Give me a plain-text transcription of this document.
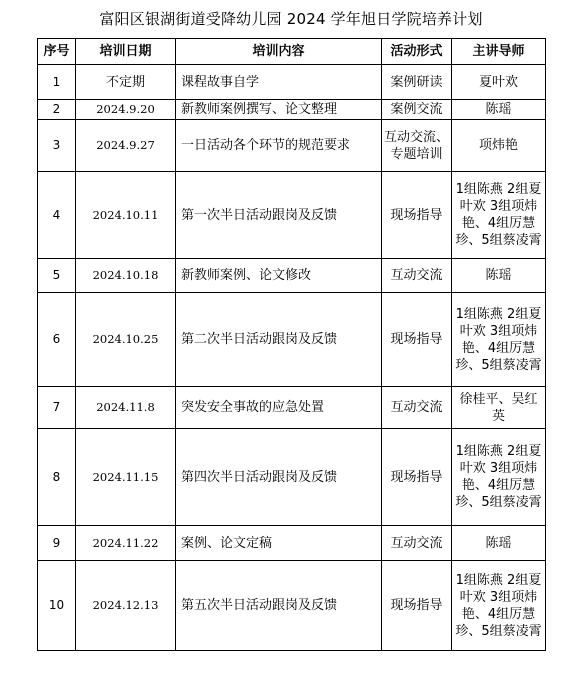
富阳区银湖街道受降幼儿园 2024 学年旭日学院培养计划
序号	培训日期	培训内容	活动形式	主讲导师
1	不定期	课程故事自学	案例研读	夏叶欢
2	2024.9.20	新教师案例撰写、论文整理	案例交流	陈瑶
3	2024.9.27	一日活动各个环节的规范要求	互动交流、专题培训	项炜艳
4	2024.10.11	第一次半日活动跟岗及反馈	现场指导	1组陈燕 2组夏叶欢 3组项炜艳、4组厉慧珍、5组蔡凌霄
5	2024.10.18	新教师案例、论文修改	互动交流	陈瑶
6	2024.10.25	第二次半日活动跟岗及反馈	现场指导	1组陈燕 2组夏叶欢 3组项炜艳、4组厉慧珍、5组蔡凌霄
7	2024.11.8	突发安全事故的应急处置	互动交流	徐桂平、吴红英
8	2024.11.15	第四次半日活动跟岗及反馈	现场指导	1组陈燕 2组夏叶欢 3组项炜艳、4组厉慧珍、5组蔡凌霄
9	2024.11.22	案例、论文定稿	互动交流	陈瑶
10	2024.12.13	第五次半日活动跟岗及反馈	现场指导	1组陈燕 2组夏叶欢 3组项炜艳、4组厉慧珍、5组蔡凌霄
